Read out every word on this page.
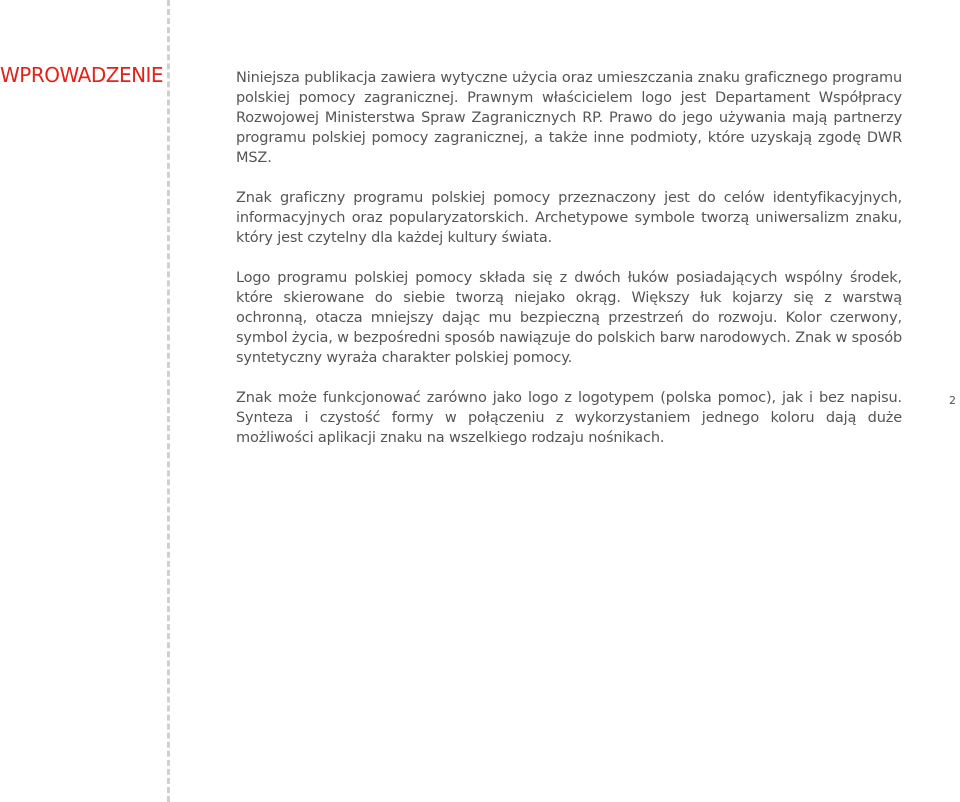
WPROWADZENIE	Niniejsza publikacja zawiera wytyczne użycia oraz umieszczania znaku graficznego programu polskiej pomocy zagranicznej. Prawnym właścicielem logo jest Departament Współpracy Rozwojowej Ministerstwa Spraw Zagranicznych RP. Prawo do jego używania mają partnerzy programu polskiej pomocy zagranicznej, a także inne podmioty, które uzyskają zgodę DWR MSZ.

Znak graficzny programu polskiej pomocy przeznaczony jest do celów identyfikacyjnych, informacyjnych oraz popularyzatorskich. Archetypowe symbole tworzą uniwersalizm znaku, który jest czytelny dla każdej kultury świata.

Logo programu polskiej pomocy składa się z dwóch łuków posiadających wspólny środek, które skierowane do siebie tworzą niejako okrąg. Większy łuk kojarzy się z warstwą ochronną, otacza mniejszy dając mu bezpieczną przestrzeń do rozwoju. Kolor czerwony, symbol życia, w bezpośredni sposób nawiązuje do polskich barw narodowych. Znak w sposób syntetyczny wyraża charakter polskiej pomocy.

Znak może funkcjonować zarówno jako logo z logotypem (polska pomoc), jak i bez napisu. Synteza i czystość formy w połączeniu z wykorzystaniem jednego koloru dają duże możliwości aplikacji znaku na wszelkiego rodzaju nośnikach.

2
